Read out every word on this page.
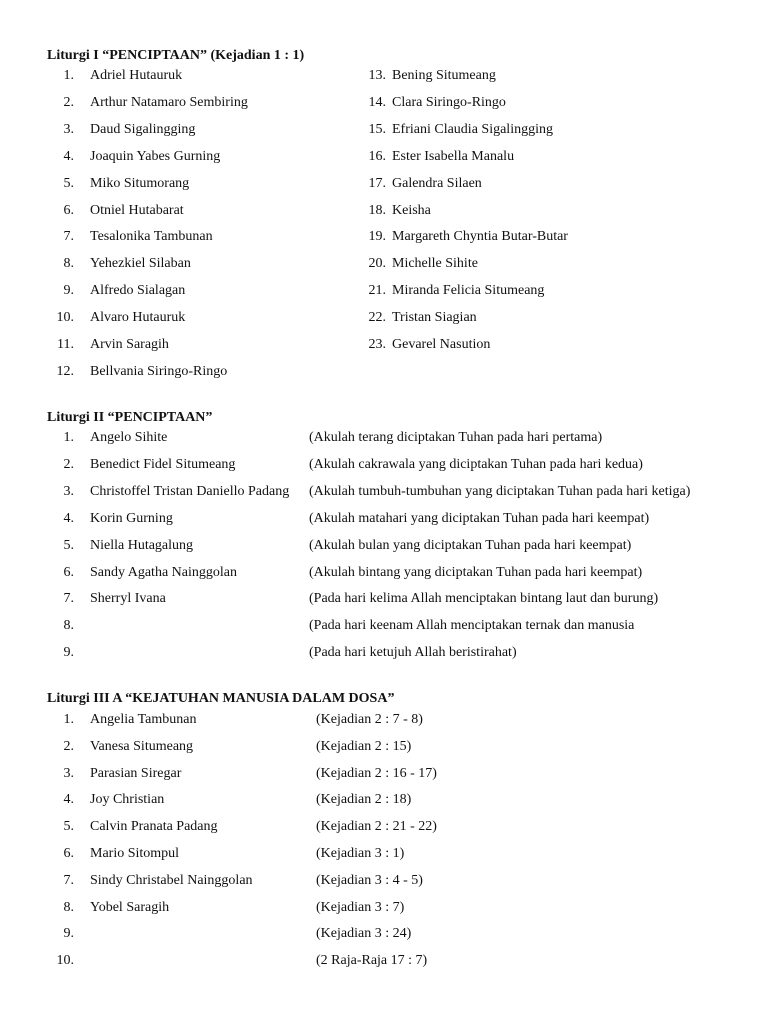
Liturgi I “PENCIPTAAN” (Kejadian 1 : 1)
1. Adriel Hutauruk
2. Arthur Natamaro Sembiring
3. Daud Sigalingging
4. Joaquin Yabes Gurning
5. Miko Situmorang
6. Otniel Hutabarat
7. Tesalonika Tambunan
8. Yehezkiel Silaban
9. Alfredo Sialagan
10. Alvaro Hutauruk
11. Arvin Saragih
12. Bellvania Siringo-Ringo
13. Bening Situmeang
14. Clara Siringo-Ringo
15. Efriani Claudia Sigalingging
16. Ester Isabella Manalu
17. Galendra Silaen
18. Keisha
19. Margareth Chyntia Butar-Butar
20. Michelle Sihite
21. Miranda Felicia Situmeang
22. Tristan Siagian
23. Gevarel Nasution
Liturgi II “PENCIPTAAN”
1. Angelo Sihite	(Akulah terang diciptakan Tuhan pada hari pertama)
2. Benedict Fidel Situmeang	(Akulah cakrawala yang diciptakan Tuhan pada hari kedua)
3. Christoffel Tristan Daniello Padang (Akulah tumbuh-tumbuhan yang diciptakan Tuhan pada hari ketiga)
4. Korin Gurning	(Akulah matahari yang diciptakan Tuhan pada hari keempat)
5. Niella Hutagalung	(Akulah bulan yang diciptakan Tuhan pada hari keempat)
6. Sandy Agatha Nainggolan	(Akulah bintang yang diciptakan Tuhan pada hari keempat)
7. Sherryl Ivana	(Pada hari kelima Allah menciptakan bintang laut dan burung)
8.	(Pada hari keenam Allah menciptakan ternak dan manusia
9.	(Pada hari ketujuh Allah beristirahat)
Liturgi III A “KEJATUHAN MANUSIA DALAM DOSA”
1. Angelia Tambunan	(Kejadian 2 : 7 - 8)
2. Vanesa Situmeang	(Kejadian 2 : 15)
3. Parasian Siregar	(Kejadian 2 : 16 - 17)
4. Joy Christian	(Kejadian 2 : 18)
5. Calvin Pranata Padang	(Kejadian 2 : 21 - 22)
6. Mario Sitompul	(Kejadian 3 : 1)
7. Sindy Christabel Nainggolan	(Kejadian 3 : 4 - 5)
8. Yobel Saragih	(Kejadian 3 : 7)
9.	(Kejadian 3 : 24)
10.	(2 Raja-Raja 17 : 7)
